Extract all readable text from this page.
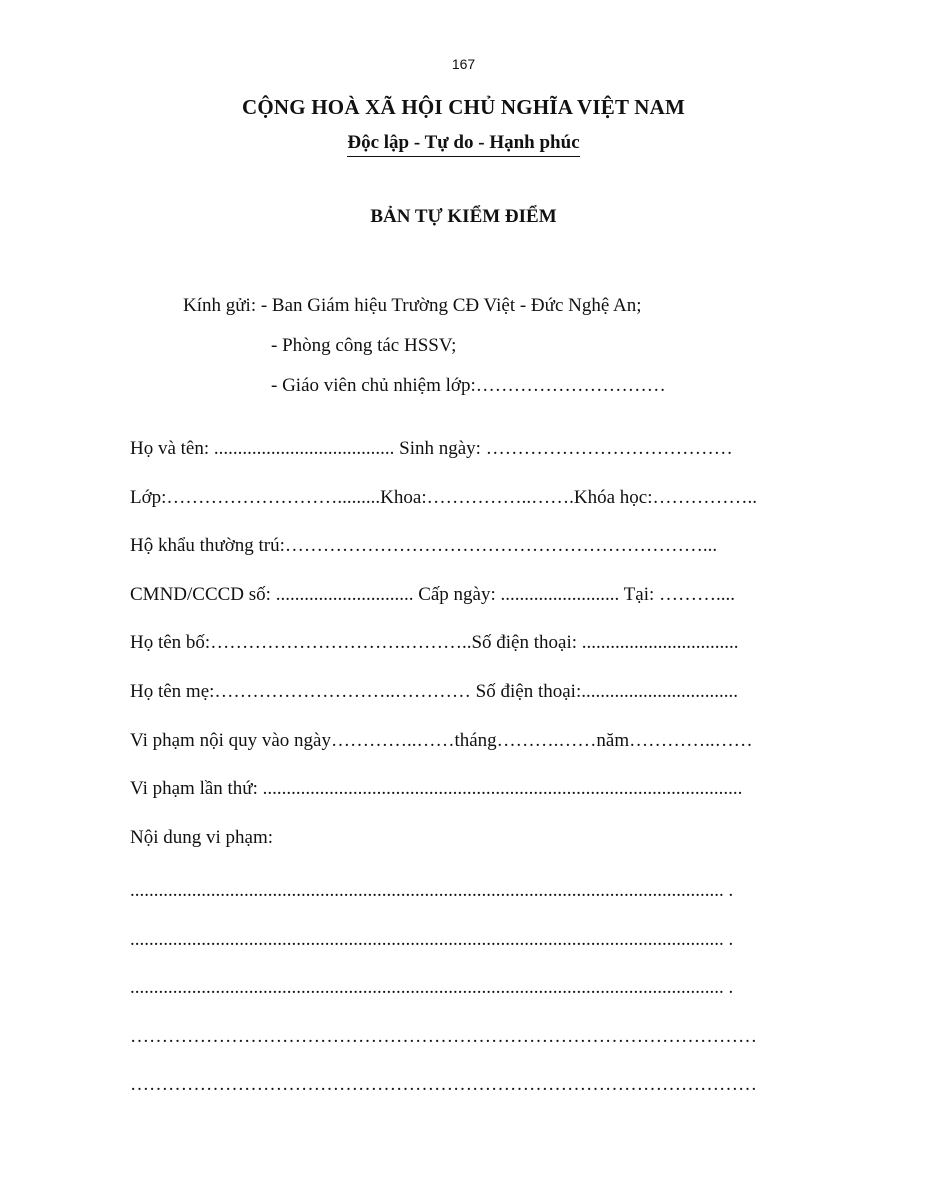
167
CỘNG HOÀ XÃ HỘI CHỦ NGHĨA VIỆT NAM
Độc lập - Tự do - Hạnh phúc
BẢN TỰ KIỂM ĐIỂM
Kính gửi: - Ban Giám hiệu Trường CĐ Việt - Đức Nghệ An;
- Phòng công tác HSSV;
- Giáo viên chủ nhiệm lớp:…………………………
Họ và tên: ...................................... Sinh ngày: …………………………………
Lớp:……………………….........Khoa:……………..…….Khóa học:……………..
Hộ khẩu thường trú:…………………………………………………………...
CMND/CCCD số: ............................. Cấp ngày: ......................... Tại: ………....
Họ tên bố:………………………….………..Số điện thoại: .................................
Họ tên mẹ:………………………..………… Số điện thoại:.................................
Vi phạm nội quy vào ngày…………..……tháng……….……năm…………..……
Vi phạm lần thứ: .....................................................................................................
Nội dung vi phạm:
............................................................................................................................. .
............................................................................................................................. .
............................................................................................................................. .
………………………………………………………………………………………
………………………………………………………………………………………
